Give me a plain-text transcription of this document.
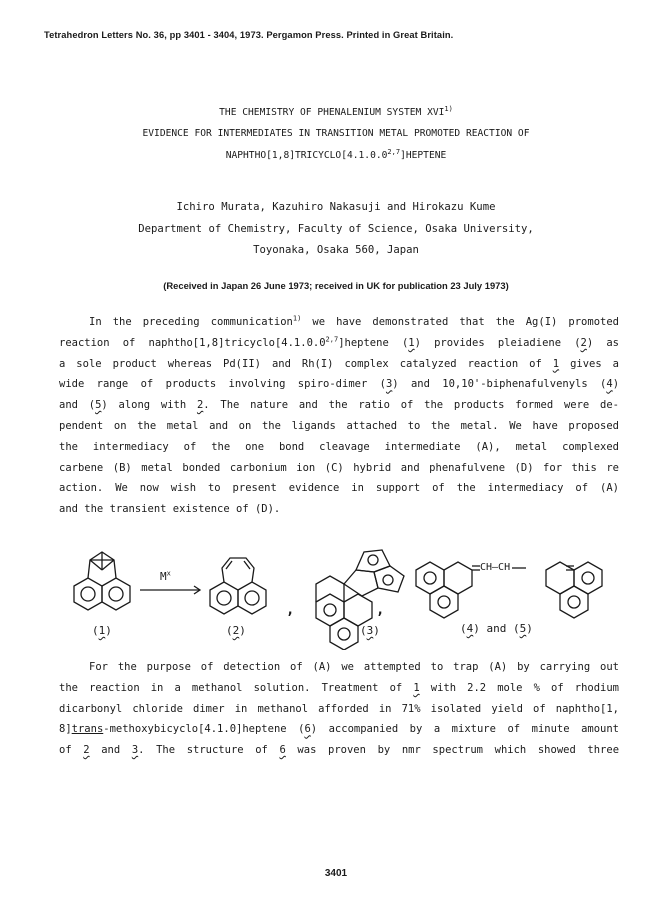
Tetrahedron Letters No. 36, pp 3401 - 3404, 1973. Pergamon Press. Printed in Great Britain.
THE CHEMISTRY OF PHENALENIUM SYSTEM XVI$^{1)}$
EVIDENCE FOR INTERMEDIATES IN TRANSITION METAL PROMOTED REACTION OF
NAPHTHO[1,8]TRICYCLO[4.1.0.0$^{2,7}$]HEPTENE
Ichiro Murata, Kazuhiro Nakasuji and Hirokazu Kume
Department of Chemistry, Faculty of Science, Osaka University,
Toyonaka, Osaka 560, Japan
(Received in Japan 26 June 1973; received in UK for publication 23 July 1973)
In the preceding communication$^{1)}$ we have demonstrated that the Ag(I) promoted
reaction of naphtho[1,8]tricyclo[4.1.0.0$^{2,7}$]heptene (1) provides pleiadiene (2) as
a sole product whereas Pd(II) and Rh(I) complex catalyzed reaction of 1 gives a
wide range of products involving spiro-dimer (3) and 10,10'-biphenafulvenyls (4)
and (5) along with 2. The nature and the ratio of the products formed were de-
pendent on the metal and on the ligands attached to the metal. We have proposed
the intermediacy of the one bond cleavage intermediate (A), metal complexed
carbene (B) metal bonded carbonium ion (C) hybrid and phenafulvene (D) for this re
action. We now wish to present evidence in support of the intermediacy of (A)
and the transient existence of (D).
$M^x$
CH—CH
,	,
(1)	(2)	(3)	(4) and (5)
For the purpose of detection of (A) we attempted to trap (A) by carrying out
the reaction in a methanol solution. Treatment of 1 with 2.2 mole % of rhodium
dicarbonyl chloride dimer in methanol afforded in 71% isolated yield of naphtho[1,
8]trans-methoxybicyclo[4.1.0]heptene (6) accompanied by a mixture of minute amount
of 2 and 3. The structure of 6 was proven by nmr spectrum which showed three
3401
